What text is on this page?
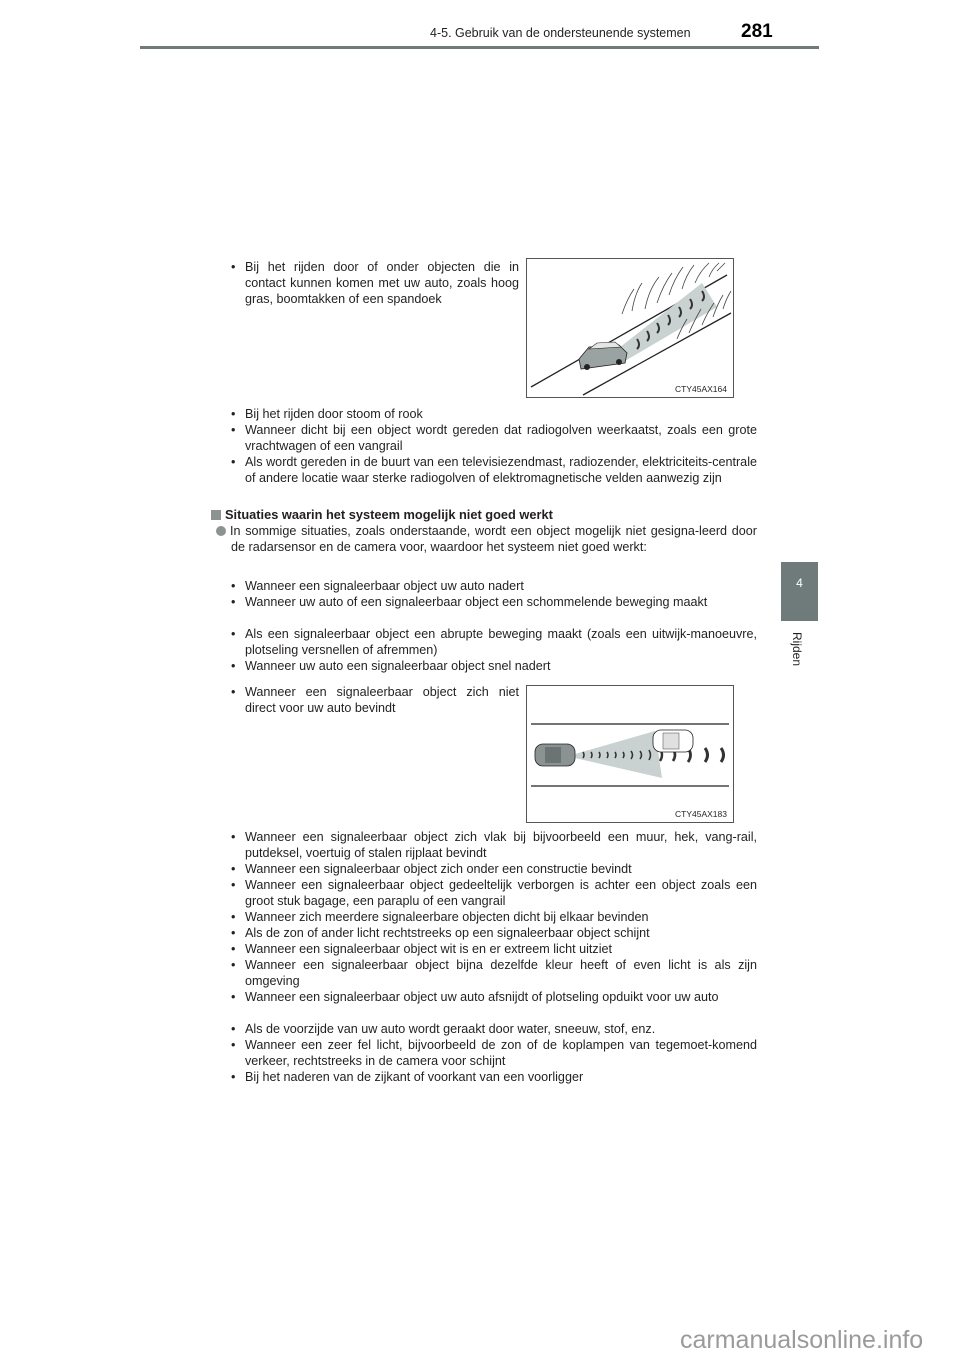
4-5. Gebruik van de ondersteunende systemen	281
4
Rijden
• Bij het rijden door of onder objecten die in contact kunnen komen met uw auto, zoals hoog gras, boomtakken of een spandoek
CTY45AX164
• Bij het rijden door stoom of rook
• Wanneer dicht bij een object wordt gereden dat radiogolven weerkaatst, zoals een grote vrachtwagen of een vangrail
• Als wordt gereden in de buurt van een televisiezendmast, radiozender, elektriciteits-centrale of andere locatie waar sterke radiogolven of elektromagnetische velden aanwezig zijn
Situaties waarin het systeem mogelijk niet goed werkt
In sommige situaties, zoals onderstaande, wordt een object mogelijk niet gesigna-leerd door de radarsensor en de camera voor, waardoor het systeem niet goed werkt:
• Wanneer een signaleerbaar object uw auto nadert
• Wanneer uw auto of een signaleerbaar object een schommelende beweging maakt
• Als een signaleerbaar object een abrupte beweging maakt (zoals een uitwijk-manoeuvre, plotseling versnellen of afremmen)
• Wanneer uw auto een signaleerbaar object snel nadert
• Wanneer een signaleerbaar object zich niet direct voor uw auto bevindt
CTY45AX183
• Wanneer een signaleerbaar object zich vlak bij bijvoorbeeld een muur, hek, vang-rail, putdeksel, voertuig of stalen rijplaat bevindt
• Wanneer een signaleerbaar object zich onder een constructie bevindt
• Wanneer een signaleerbaar object gedeeltelijk verborgen is achter een object zoals een groot stuk bagage, een paraplu of een vangrail
• Wanneer zich meerdere signaleerbare objecten dicht bij elkaar bevinden
• Als de zon of ander licht rechtstreeks op een signaleerbaar object schijnt
• Wanneer een signaleerbaar object wit is en er extreem licht uitziet
• Wanneer een signaleerbaar object bijna dezelfde kleur heeft of even licht is als zijn omgeving
• Wanneer een signaleerbaar object uw auto afsnijdt of plotseling opduikt voor uw auto
• Als de voorzijde van uw auto wordt geraakt door water, sneeuw, stof, enz.
• Wanneer een zeer fel licht, bijvoorbeeld de zon of de koplampen van tegemoet-komend verkeer, rechtstreeks in de camera voor schijnt
• Bij het naderen van de zijkant of voorkant van een voorligger
carmanualsonline.info
